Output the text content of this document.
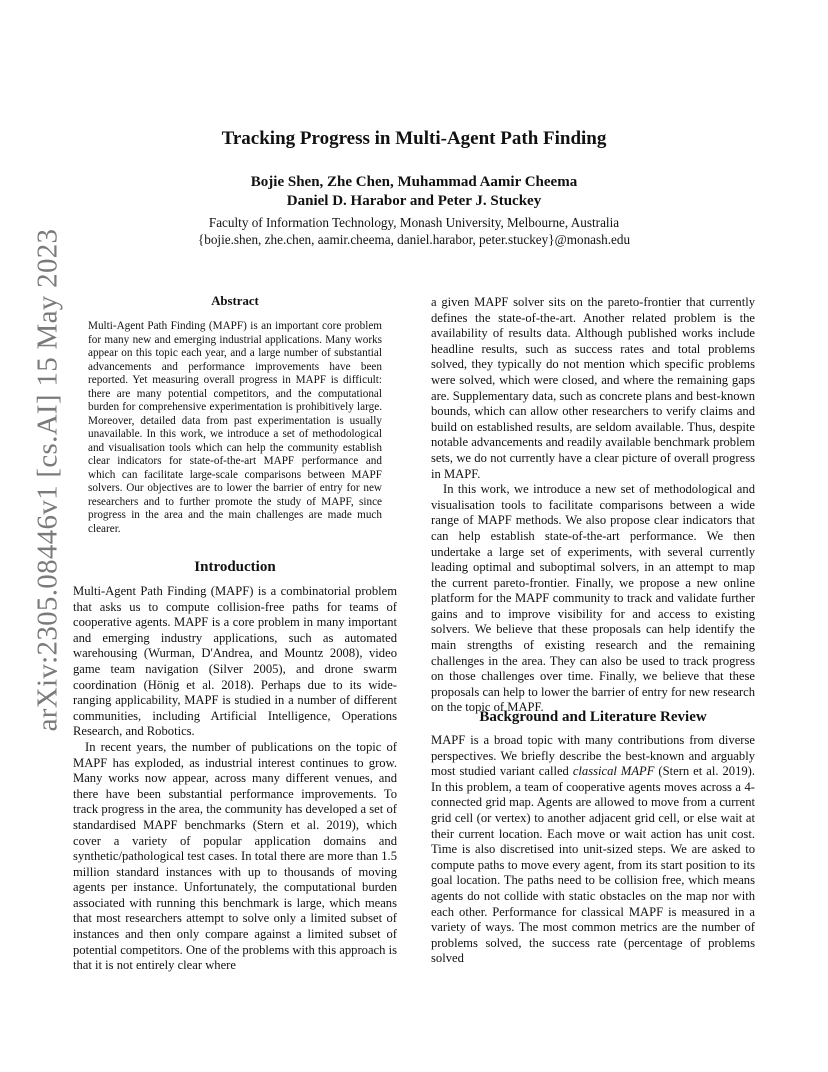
arXiv:2305.08446v1 [cs.AI] 15 May 2023
Tracking Progress in Multi-Agent Path Finding
Bojie Shen, Zhe Chen, Muhammad Aamir Cheema
Daniel D. Harabor and Peter J. Stuckey
Faculty of Information Technology, Monash University, Melbourne, Australia
{bojie.shen, zhe.chen, aamir.cheema, daniel.harabor, peter.stuckey}@monash.edu
Abstract
Multi-Agent Path Finding (MAPF) is an important core problem for many new and emerging industrial applications. Many works appear on this topic each year, and a large number of substantial advancements and performance improvements have been reported. Yet measuring overall progress in MAPF is difficult: there are many potential competitors, and the computational burden for comprehensive experimentation is prohibitively large. Moreover, detailed data from past experimentation is usually unavailable. In this work, we introduce a set of methodological and visualisation tools which can help the community establish clear indicators for state-of-the-art MAPF performance and which can facilitate large-scale comparisons between MAPF solvers. Our objectives are to lower the barrier of entry for new researchers and to further promote the study of MAPF, since progress in the area and the main challenges are made much clearer.
Introduction

Multi-Agent Path Finding (MAPF) is a combinatorial problem that asks us to compute collision-free paths for teams of cooperative agents. MAPF is a core problem in many important and emerging industry applications, such as automated warehousing (Wurman, D'Andrea, and Mountz 2008), video game team navigation (Silver 2005), and drone swarm coordination (Hönig et al. 2018). Perhaps due to its wide-ranging applicability, MAPF is studied in a number of different communities, including Artificial Intelligence, Operations Research, and Robotics.

In recent years, the number of publications on the topic of MAPF has exploded, as industrial interest continues to grow. Many works now appear, across many different venues, and there have been substantial performance improvements. To track progress in the area, the community has developed a set of standardised MAPF benchmarks (Stern et al. 2019), which cover a variety of popular application domains and synthetic/pathological test cases. In total there are more than 1.5 million standard instances with up to thousands of moving agents per instance. Unfortunately, the computational burden associated with running this benchmark is large, which means that most researchers attempt to solve only a limited subset of instances and then only compare against a limited subset of potential competitors. One of the problems with this approach is that it is not entirely clear where

a given MAPF solver sits on the pareto-frontier that currently defines the state-of-the-art. Another related problem is the availability of results data. Although published works include headline results, such as success rates and total problems solved, they typically do not mention which specific problems were solved, which were closed, and where the remaining gaps are. Supplementary data, such as concrete plans and best-known bounds, which can allow other researchers to verify claims and build on established results, are seldom available. Thus, despite notable advancements and readily available benchmark problem sets, we do not currently have a clear picture of overall progress in MAPF.

In this work, we introduce a new set of methodological and visualisation tools to facilitate comparisons between a wide range of MAPF methods. We also propose clear indicators that can help establish state-of-the-art performance. We then undertake a large set of experiments, with several currently leading optimal and suboptimal solvers, in an attempt to map the current pareto-frontier. Finally, we propose a new online platform for the MAPF community to track and validate further gains and to improve visibility for and access to existing solvers. We believe that these proposals can help identify the main strengths of existing research and the remaining challenges in the area. They can also be used to track progress on those challenges over time. Finally, we believe that these proposals can help to lower the barrier of entry for new research on the topic of MAPF.

Background and Literature Review

MAPF is a broad topic with many contributions from diverse perspectives. We briefly describe the best-known and arguably most studied variant called classical MAPF (Stern et al. 2019). In this problem, a team of cooperative agents moves across a 4-connected grid map. Agents are allowed to move from a current grid cell (or vertex) to another adjacent grid cell, or else wait at their current location. Each move or wait action has unit cost. Time is also discretised into unit-sized steps. We are asked to compute paths to move every agent, from its start position to its goal location. The paths need to be collision free, which means agents do not collide with static obstacles on the map nor with each other. Performance for classical MAPF is measured in a variety of ways. The most common metrics are the number of problems solved, the success rate (percentage of problems solved
